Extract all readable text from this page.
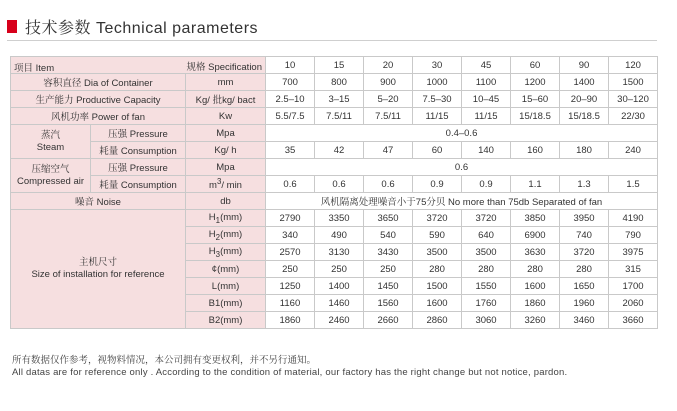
技术参数 Technical parameters
项目 Item 规格 Specification			10	15	20	30	45	60	90	120
容积直径 Dia of Container		mm	700	800	900	1000	1100	1200	1400	1500
生产能力 Productive Capacity		Kg/ 批kg/ bact	2.5–10	3–15	5–20	7.5–30	10–45	15–60	20–90	30–120
风机功率 Power of fan		Kw	5.5/7.5	7.5/11	7.5/11	11/15	11/15	15/18.5	15/18.5	22/30
蒸汽
Steam	压强 Pressure	Mpa	0.4–0.6							
	耗量 Consumption	Kg/ h	35	42	47	60	140	160	180	240
压缩空气
Compressed air	压强 Pressure	Mpa	0.6							
	耗量 Consumption	$m^3/$ min	0.6	0.6	0.6	0.9	0.9	1.1	1.3	1.5
噪音 Noise		db	风机隔离处理噪音小于75分贝 No more than 75db Separated of fan							
主机尺寸
Size of installation for reference		$H_1(mm)$	2790	3350	3650	3720	3720	3850	3950	4190
		$H_2(mm)$	340	490	540	590	640	6900	740	790
		$H_3(mm)$	2570	3130	3430	3500	3500	3630	3720	3975
		¢(mm)	250	250	250	280	280	280	280	315
		L(mm)	1250	1400	1450	1500	1550	1600	1650	1700
		B1(mm)	1160	1460	1560	1600	1760	1860	1960	2060
		B2(mm)	1860	2460	2660	2860	3060	3260	3460	3660
所有数据仅作参考，视物料情况，本公司拥有变更权利，并不另行通知。
All datas are for reference only . According to the condition of material, our factory has the right change but not notice, pardon.
